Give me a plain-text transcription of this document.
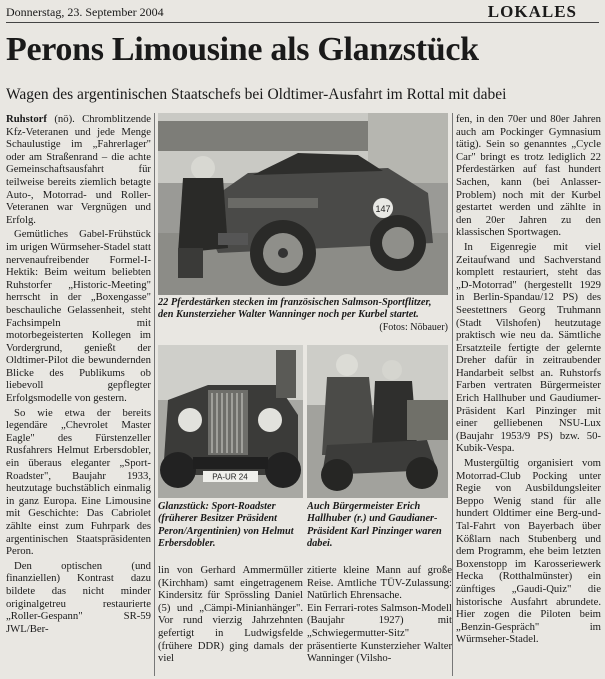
Donnerstag, 23. September 2004	LOKALES
Perons Limousine als Glanzstück
Wagen des argentinischen Staatschefs bei Oldtimer-Ausfahrt im Rottal mit dabei

Ruhstorf (nö). Chromblitzende Kfz-Veteranen und jede Menge Schaulustige im „Fahrerlager" oder am Straßenrand – die achte Gemeinschaftsausfahrt für teilweise bereits ziemlich betagte Auto-, Motorrad- und Roller-Veteranen war Vergnügen und Erfolg.

Gemütliches Gabel-Frühstück im urigen Würmseher-Stadel statt nervenaufreibender Formel-I-Hektik: Beim weitum beliebten Ruhstorfer „Historic-Meeting" herrscht in der „Boxengasse" beschauliche Gelassenheit, steht Fachsimpeln mit motorbegeisterten Kollegen im Vordergrund, genießt der Oldtimer-Pilot die bewundernden Blicke des Publikums ob liebevoll gepflegter Erfolgsmodelle von gestern.

So wie etwa der bereits legendäre „Chevrolet Master Eagle" des Fürstenzeller Rusfahrers Helmut Erbersdobler, ein überaus eleganter „Sport-Roadster", Baujahr 1933, heutzutage buchstäblich einmalig in ganz Europa. Eine Limousine mit Geschichte: Das Cabriolet zählte einst zum Fuhrpark des argentinischen Staatspräsidenten Peron.

Den optischen (und finanziellen) Kontrast dazu bildete das nicht minder originalgetreu restaurierte „Roller-Gespann" SR-59 JWL/Ber-

147
22 Pferdestärken stecken im französischen Salmson-Sportflitzer, den Kunsterzieher Walter Wanninger noch per Kurbel startet.
(Fotos: Nöbauer)
PA-UR 24
Glanzstück: Sport-Roadster (früherer Besitzer Präsident Peron/Argentinien) von Helmut Erbersdobler.
Auch Bürgermeister Erich Hallhuber (r.) und Gaudianer-Präsident Karl Pinzinger waren dabei.

lin von Gerhard Ammermüller (Kirchham) samt eingetragenem Kindersitz für Sprössling Daniel (5) und „Cämpi-Minianhänger". Vor rund vierzig Jahrzehnten gefertigt in Ludwigsfelde (frühere DDR) ging damals der viel

zitierte kleine Mann auf große Reise. Amtliche TÜV-Zulassung: Natürlich Ehrensache.
Ein Ferrari-rotes Salmson-Modell (Baujahr 1927) mit „Schwiegermutter-Sitz" präsentierte Kunsterzieher Walter Wanninger (Vilsho-

fen, in den 70er und 80er Jahren auch am Pockinger Gymnasium tätig). Sein so genanntes „Cycle Car" bringt es trotz lediglich 22 Pferdestärken auf fast hundert Sachen, kann (bei Anlasser-Problem) noch mit der Kurbel gestartet werden und zählte in den 20er Jahren zu den klassischen Sportwagen.

In Eigenregie mit viel Zeitaufwand und Sachverstand komplett restauriert, steht das „D-Motorrad" (hergestellt 1929 in Berlin-Spandau/12 PS) des Seestettners Georg Truhmann (Stadt Vilshofen) heutzutage praktisch wie neu da. Sämtliche Ersatzteile fertigte der gelernte Dreher dafür in zeitraubender Handarbeit selbst an. Ruhstorfs Farben vertraten Bürgermeister Erich Hallhuber und Gaudiumer-Präsident Karl Pinzinger mit einer gelliebenen NSU-Lux (Baujahr 1953/9 PS) bzw. 50-Kubik-Vespa.

Mustergültig organisiert vom Motorrad-Club Pocking unter Regie von Ausbildungsleiter Beppo Wenig stand für alle hundert Oldtimer eine Berg-und-Tal-Fahrt von Bayerbach über Kößlarn nach Stubenberg und dem Programm, ehe beim letzten Boxenstopp im Karosseriewerk Hecka (Rotthalmünster) ein zünftiges „Gaudi-Quiz" die historische Ausfahrt abrundete. Hier zogen die Piloten beim „Benzin-Gespräch" im Würmseher-Stadel.
